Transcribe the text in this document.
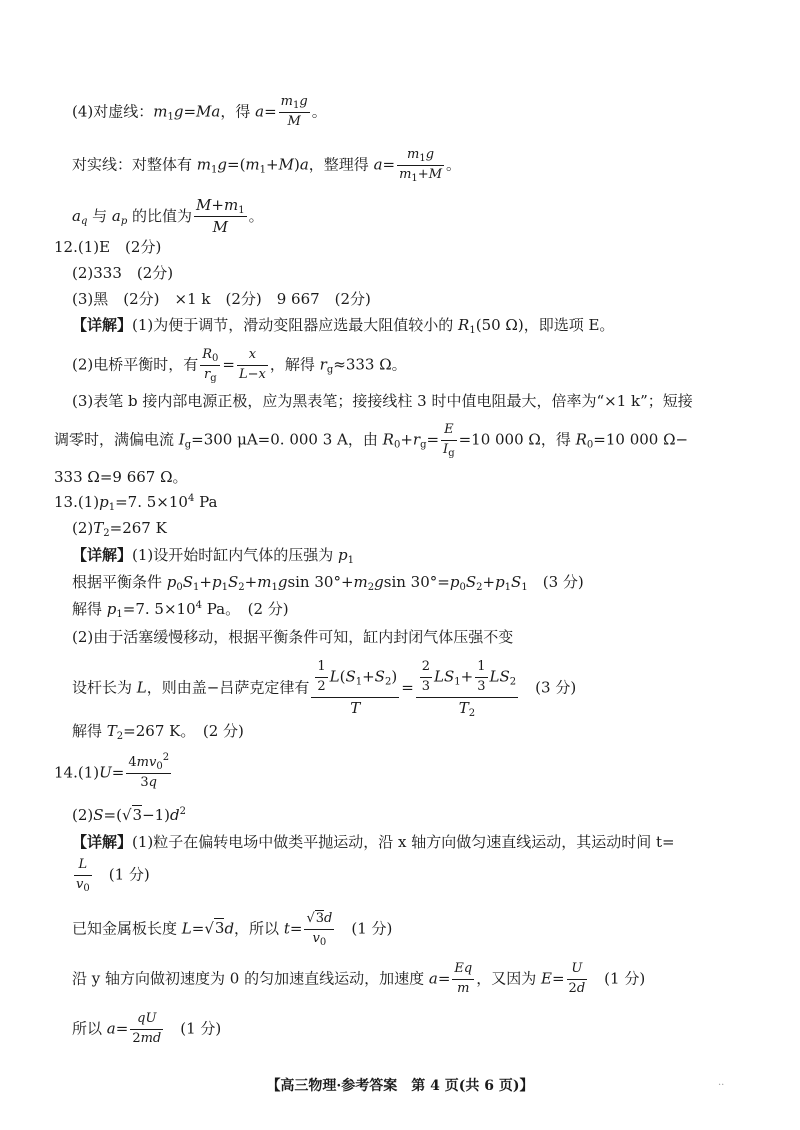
(4)对虚线：$m_1g=Ma$，得 $a= \frac{m_1g}{M}$ 。
对实线：对整体有 $m_1g=(m_1+M)a$，整理得 $a= \frac{m_1g}{m_1+M}$ 。
$a_q$ 与 $a_p$ 的比值为 $\frac{M+m_1}{M}$ 。
12.(1)E　(2分)
(2)333　(2分)
(3)黑　(2分)　×1 k　(2分)　9 667　(2分)
【详解】(1)为便于调节，滑动变阻器应选最大阻值较小的 $R_1(50$ Ω)，即选项 E。
(2)电桥平衡时，有 $\frac{R_0}{r_g} = \frac{x}{L-x}$ ，解得 $r_g\approx 333$ Ω。
(3)表笔 b 接内部电源正极，应为黑表笔；接接线柱 3 时中值电阻最大，倍率为“×1 k”；短接
调零时，满偏电流 $I_g=300$ μA=0. 000 3 A，由 $R_0+r_g= \frac{E}{I_g} =10$ 000 Ω，得 $R_0=10$ 000 Ω−
333 Ω=9 667 Ω。
$13.(1)p_1=7$. $5\times 10^4$ Pa
$(2)T_2=267$ K
【详解】(1)设开始时缸内气体的压强为 $p_1$
根据平衡条件 $p_0S_1+p_1S_2+m_1gsin$ $30^\circ+m_2gsin$ $30^\circ=p_0S_2+p_1S_1$　 (3 分)
解得 $p_1=7$. $5\times 10^4$ Pa。　(2 分)
(2)由于活塞缓慢移动，根据平衡条件可知，缸内封闭气体压强不变
设杆长为 L，则由盖−吕萨克定律有 $\frac{\frac{1}{2} L(S_1+S_2)}{T} = \frac{\frac{2}{3} LS_1+ \frac{1}{3} LS_2}{T_2}$
　 (3 分)
解得 $T_2=267$ K。　(2 分)
$14.(1)U= \frac{4mv_0^2}{3q}$
$(2)S=(√3-1)d^2$
【详解】(1)粒子在偏转电场中做类平抛运动，沿 x 轴方向做匀速直线运动，其运动时间 t=
$\frac{L}{v_0}$
　 (1 分)
已知金属板长度 L=√3d，所以 $t= \frac{√3d}{v_0}$
　 (1 分)
沿 y 轴方向做初速度为 0 的匀加速直线运动，加速度 $a= \frac{Eq}{m}$ ，又因为 $E= \frac{U}{2d}$
　 (1 分)
所以 $a= \frac{qU}{2md}$
　 (1 分)
【高三物理·参考答案　第 4 页(共 6 页)】	..
